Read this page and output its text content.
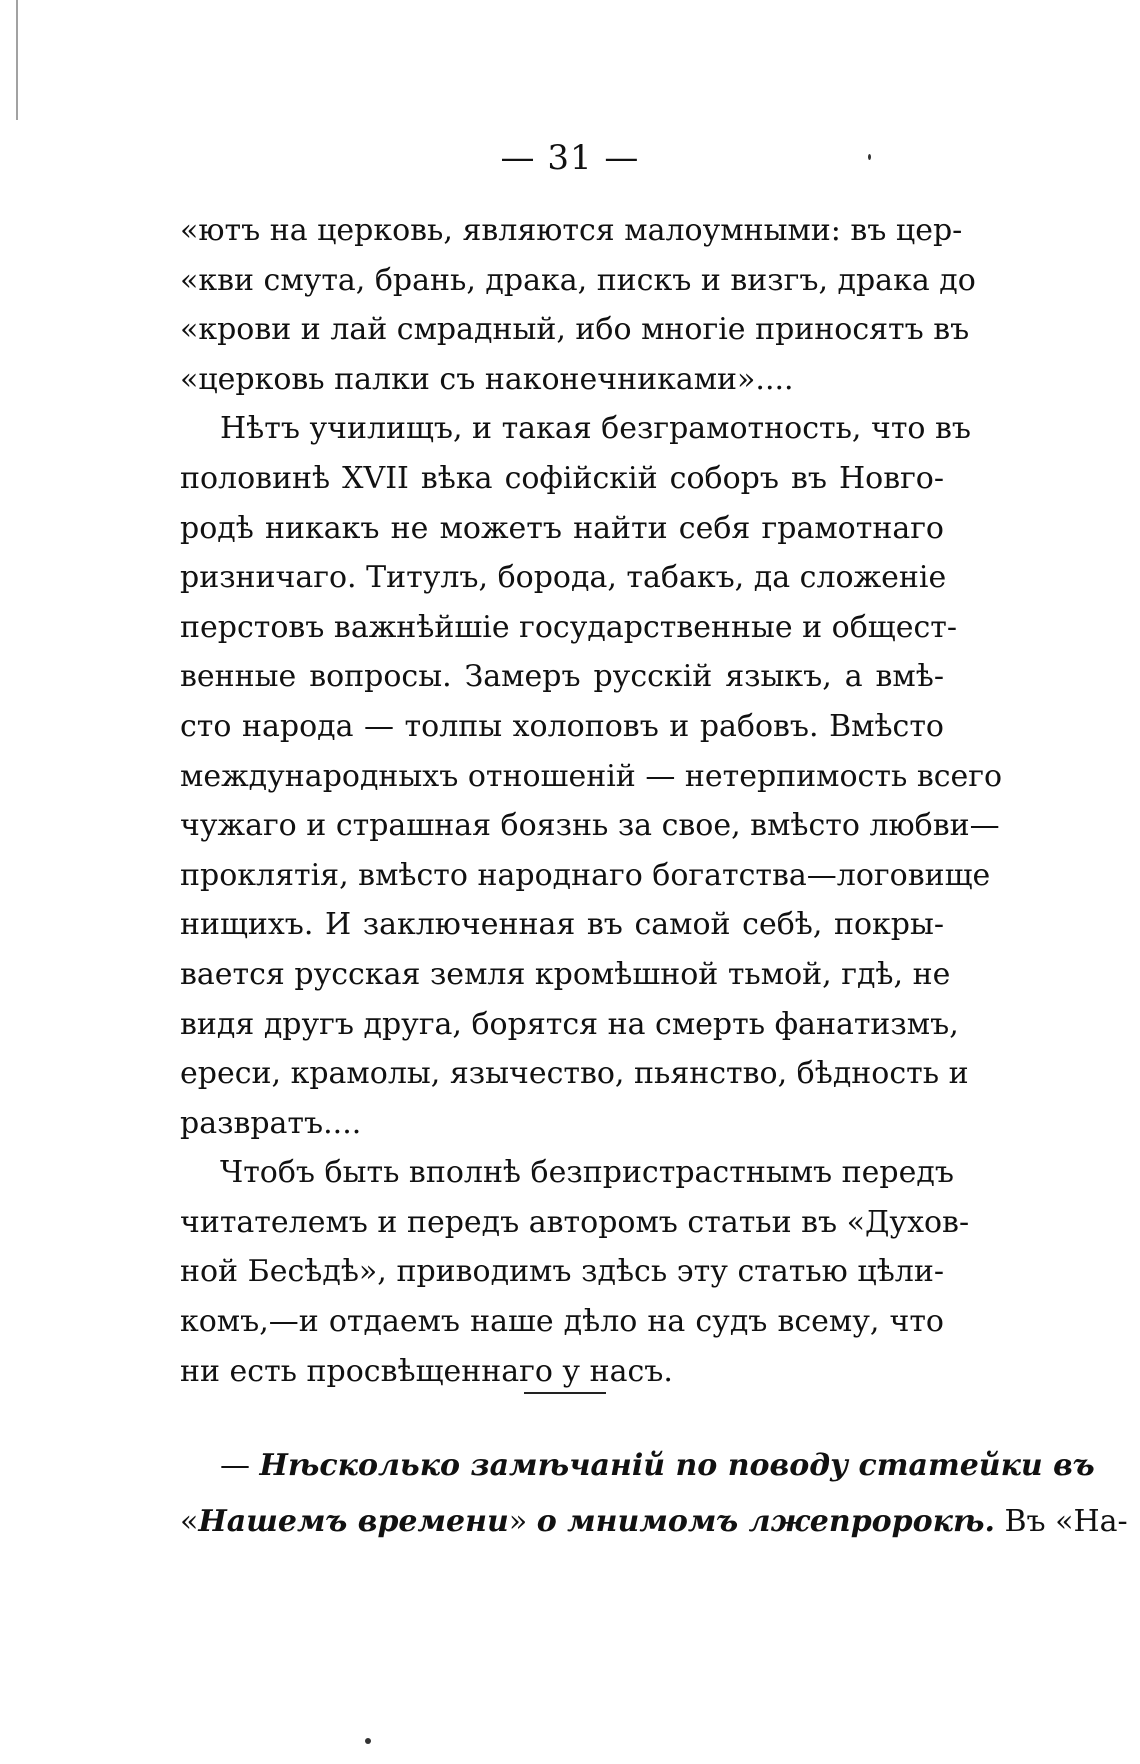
— 31 —
«ютъ на церковь, являются малоумными: въ цер-
«кви смута, брань, драка, пискъ и визгъ, драка до
«крови и лай смрадный, ибо многіе приносятъ въ
«церковь палки съ наконечниками»....
Нѣтъ училищъ, и такая безграмотность, что въ
половинѣ XVII вѣка софійскій соборъ въ Новго-
родѣ никакъ не можетъ найти себя грамотнаго
ризничаго. Титулъ, борода, табакъ, да сложеніе
перстовъ важнѣйшіе государственные и общест-
венные вопросы. Замеръ русскій языкъ, а вмѣ-
сто народа — толпы холоповъ и рабовъ. Вмѣсто
международныхъ отношеній — нетерпимость всего
чужаго и страшная боязнь за свое, вмѣсто любви—
проклятія, вмѣсто народнаго богатства—логовище
нищихъ. И заключенная въ самой себѣ, покры-
вается русская земля кромѣшной тьмой, гдѣ, не
видя другъ друга, борятся на смерть фанатизмъ,
ереси, крамолы, язычество, пьянство, бѣдность и
развратъ....
Чтобъ быть вполнѣ безпристрастнымъ передъ
читателемъ и передъ авторомъ статьи въ «Духов-
ной Бесѣдѣ», приводимъ здѣсь эту статью цѣли-
комъ,—и отдаемъ наше дѣло на судъ всему, что
ни есть просвѣщеннаго у насъ.
— Нѣсколько замѣчаній по поводу статейки въ
«Нашемъ времени» о мнимомъ лжепророкѣ. Въ «На-
